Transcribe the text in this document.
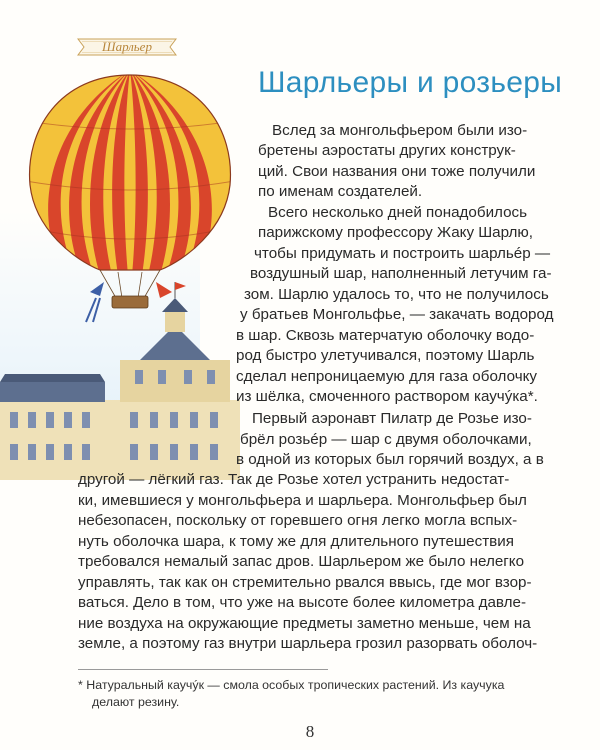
Шарльер
Шарльеры и розьеры
Вслед за монгольфьером были изо-
бретены аэростаты других конструк-
ций. Свои названия они тоже получили
по именам создателей.
Всего несколько дней понадобилось
парижскому профессору Жаку Шарлю,
чтобы придумать и построить шарльéр —
воздушный шар, наполненный летучим га-
зом. Шарлю удалось то, что не получилось
у братьев Монгольфье, — закачать водород
в шар. Сквозь матерчатую оболочку водо-
род быстро улетучивался, поэтому Шарль
сделал непроницаемую для газа оболочку
из шёлка, смоченного раствором каучýка*.
Первый аэронавт Пилатр де Розье изо-
брёл розьéр — шар с двумя оболочками,
в одной из которых был горячий воздух, а в
другой — лёгкий газ. Так де Розье хотел устранить недостат-
ки, имевшиеся у монгольфьера и шарльера. Монгольфьер был
небезопасен, поскольку от горевшего огня легко могла вспых-
нуть оболочка шара, к тому же для длительного путешествия
требовался немалый запас дров. Шарльером же было нелегко
управлять, так как он стремительно рвался ввысь, где мог взор-
ваться. Дело в том, что уже на высоте более километра давле-
ние воздуха на окружающие предметы заметно меньше, чем на
земле, а поэтому газ внутри шарльера грозил разорвать оболоч-
* Натуральный каучýк — смола особых тропических растений. Из каучука
делают резину.
8
